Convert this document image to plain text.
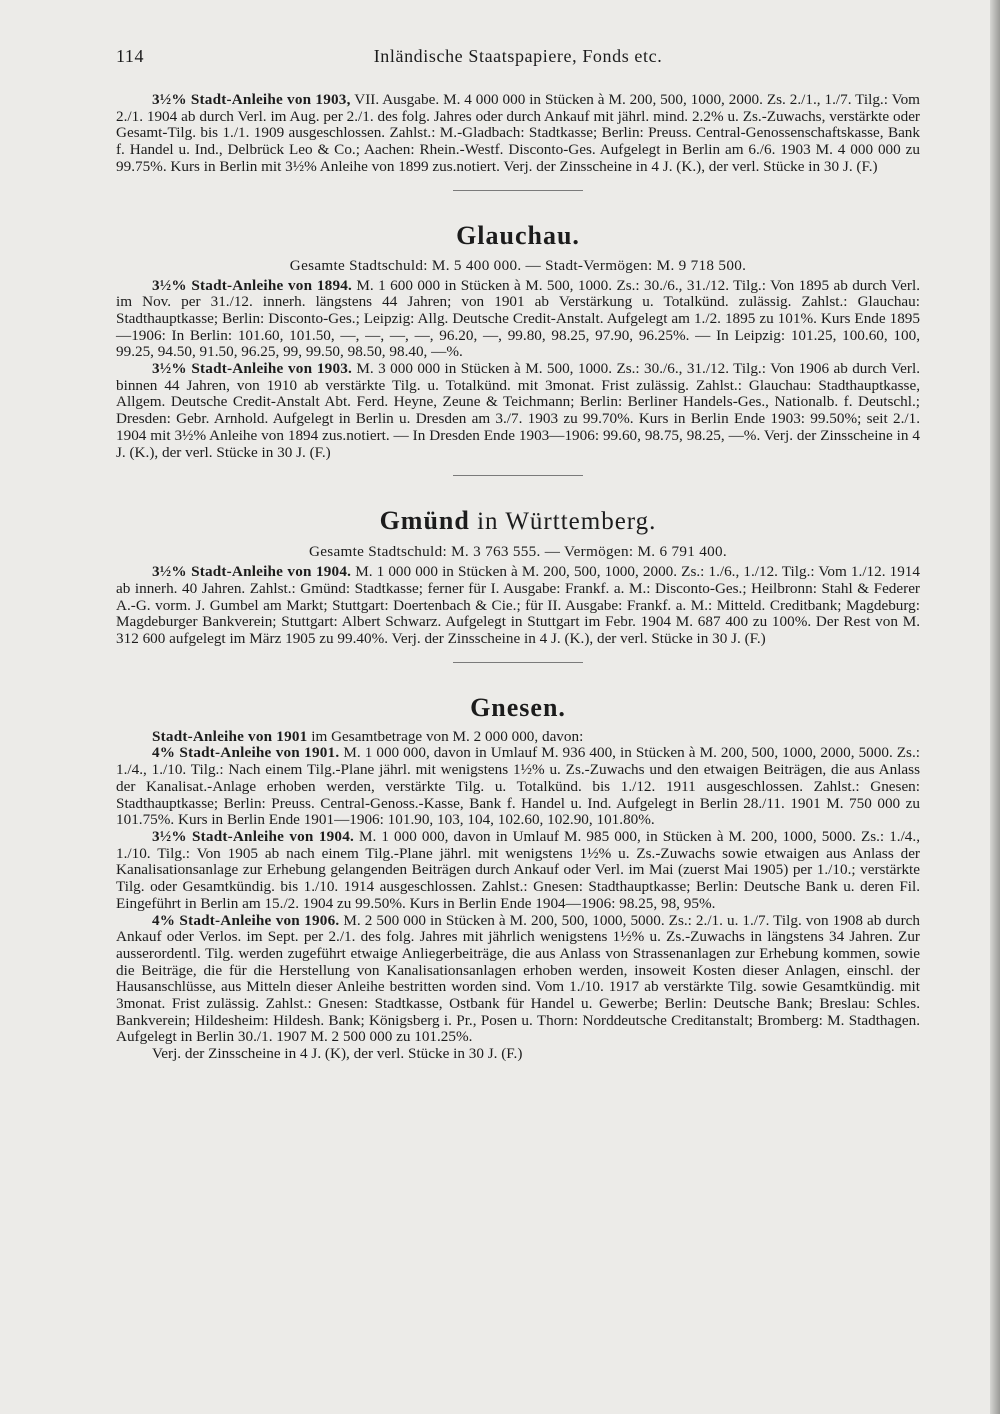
114	Inländische Staatspapiere, Fonds etc.

3½% Stadt-Anleihe von 1903, VII. Ausgabe. M. 4 000 000 in Stücken à M. 200, 500, 1000, 2000. Zs. 2./1., 1./7. Tilg.: Vom 2./1. 1904 ab durch Verl. im Aug. per 2./1. des folg. Jahres oder durch Ankauf mit jährl. mind. 2.2% u. Zs.-Zuwachs, verstärkte oder Gesamt-Tilg. bis 1./1. 1909 ausgeschlossen. Zahlst.: M.-Gladbach: Stadtkasse; Berlin: Preuss. Central-Genossenschaftskasse, Bank f. Handel u. Ind., Delbrück Leo & Co.; Aachen: Rhein.-Westf. Disconto-Ges. Aufgelegt in Berlin am 6./6. 1903 M. 4 000 000 zu 99.75%. Kurs in Berlin mit 3½% Anleihe von 1899 zus.notiert. Verj. der Zinsscheine in 4 J. (K.), der verl. Stücke in 30 J. (F.)

Glauchau.
Gesamte Stadtschuld: M. 5 400 000. — Stadt-Vermögen: M. 9 718 500.

3½% Stadt-Anleihe von 1894. M. 1 600 000 in Stücken à M. 500, 1000. Zs.: 30./6., 31./12. Tilg.: Von 1895 ab durch Verl. im Nov. per 31./12. innerh. längstens 44 Jahren; von 1901 ab Verstärkung u. Totalkünd. zulässig. Zahlst.: Glauchau: Stadthauptkasse; Berlin: Disconto-Ges.; Leipzig: Allg. Deutsche Credit-Anstalt. Aufgelegt am 1./2. 1895 zu 101%. Kurs Ende 1895—1906: In Berlin: 101.60, 101.50, —, —, —, —, 96.20, —, 99.80, 98.25, 97.90, 96.25%. — In Leipzig: 101.25, 100.60, 100, 99.25, 94.50, 91.50, 96.25, 99, 99.50, 98.50, 98.40, —%.

3½% Stadt-Anleihe von 1903. M. 3 000 000 in Stücken à M. 500, 1000. Zs.: 30./6., 31./12. Tilg.: Von 1906 ab durch Verl. binnen 44 Jahren, von 1910 ab verstärkte Tilg. u. Totalkünd. mit 3monat. Frist zulässig. Zahlst.: Glauchau: Stadthauptkasse, Allgem. Deutsche Credit-Anstalt Abt. Ferd. Heyne, Zeune & Teichmann; Berlin: Berliner Handels-Ges., Nationalb. f. Deutschl.; Dresden: Gebr. Arnhold. Aufgelegt in Berlin u. Dresden am 3./7. 1903 zu 99.70%. Kurs in Berlin Ende 1903: 99.50%; seit 2./1. 1904 mit 3½% Anleihe von 1894 zus.notiert. — In Dresden Ende 1903—1906: 99.60, 98.75, 98.25, —%. Verj. der Zinsscheine in 4 J. (K.), der verl. Stücke in 30 J. (F.)

Gmünd in Württemberg.
Gesamte Stadtschuld: M. 3 763 555. — Vermögen: M. 6 791 400.

3½% Stadt-Anleihe von 1904. M. 1 000 000 in Stücken à M. 200, 500, 1000, 2000. Zs.: 1./6., 1./12. Tilg.: Vom 1./12. 1914 ab innerh. 40 Jahren. Zahlst.: Gmünd: Stadtkasse; ferner für I. Ausgabe: Frankf. a. M.: Disconto-Ges.; Heilbronn: Stahl & Federer A.-G. vorm. J. Gumbel am Markt; Stuttgart: Doertenbach & Cie.; für II. Ausgabe: Frankf. a. M.: Mitteld. Creditbank; Magdeburg: Magdeburger Bankverein; Stuttgart: Albert Schwarz. Aufgelegt in Stuttgart im Febr. 1904 M. 687 400 zu 100%. Der Rest von M. 312 600 aufgelegt im März 1905 zu 99.40%. Verj. der Zinsscheine in 4 J. (K.), der verl. Stücke in 30 J. (F.)

Gnesen.

Stadt-Anleihe von 1901 im Gesamtbetrage von M. 2 000 000, davon:

4% Stadt-Anleihe von 1901. M. 1 000 000, davon in Umlauf M. 936 400, in Stücken à M. 200, 500, 1000, 2000, 5000. Zs.: 1./4., 1./10. Tilg.: Nach einem Tilg.-Plane jährl. mit wenigstens 1½% u. Zs.-Zuwachs und den etwaigen Beiträgen, die aus Anlass der Kanalisat.-Anlage erhoben werden, verstärkte Tilg. u. Totalkünd. bis 1./12. 1911 ausgeschlossen. Zahlst.: Gnesen: Stadthauptkasse; Berlin: Preuss. Central-Genoss.-Kasse, Bank f. Handel u. Ind. Aufgelegt in Berlin 28./11. 1901 M. 750 000 zu 101.75%. Kurs in Berlin Ende 1901—1906: 101.90, 103, 104, 102.60, 102.90, 101.80%.

3½% Stadt-Anleihe von 1904. M. 1 000 000, davon in Umlauf M. 985 000, in Stücken à M. 200, 1000, 5000. Zs.: 1./4., 1./10. Tilg.: Von 1905 ab nach einem Tilg.-Plane jährl. mit wenigstens 1½% u. Zs.-Zuwachs sowie etwaigen aus Anlass der Kanalisationsanlage zur Erhebung gelangenden Beiträgen durch Ankauf oder Verl. im Mai (zuerst Mai 1905) per 1./10.; verstärkte Tilg. oder Gesamtkündig. bis 1./10. 1914 ausgeschlossen. Zahlst.: Gnesen: Stadthauptkasse; Berlin: Deutsche Bank u. deren Fil. Eingeführt in Berlin am 15./2. 1904 zu 99.50%. Kurs in Berlin Ende 1904—1906: 98.25, 98, 95%.

4% Stadt-Anleihe von 1906. M. 2 500 000 in Stücken à M. 200, 500, 1000, 5000. Zs.: 2./1. u. 1./7. Tilg. von 1908 ab durch Ankauf oder Verlos. im Sept. per 2./1. des folg. Jahres mit jährlich wenigstens 1½% u. Zs.-Zuwachs in längstens 34 Jahren. Zur ausserordentl. Tilg. werden zugeführt etwaige Anliegerbeiträge, die aus Anlass von Strassenanlagen zur Erhebung kommen, sowie die Beiträge, die für die Herstellung von Kanalisationsanlagen erhoben werden, insoweit Kosten dieser Anlagen, einschl. der Hausanschlüsse, aus Mitteln dieser Anleihe bestritten worden sind. Vom 1./10. 1917 ab verstärkte Tilg. sowie Gesamtkündig. mit 3monat. Frist zulässig. Zahlst.: Gnesen: Stadtkasse, Ostbank für Handel u. Gewerbe; Berlin: Deutsche Bank; Breslau: Schles. Bankverein; Hildesheim: Hildesh. Bank; Königsberg i. Pr., Posen u. Thorn: Norddeutsche Creditanstalt; Bromberg: M. Stadthagen. Aufgelegt in Berlin 30./1. 1907 M. 2 500 000 zu 101.25%.

Verj. der Zinsscheine in 4 J. (K), der verl. Stücke in 30 J. (F.)
